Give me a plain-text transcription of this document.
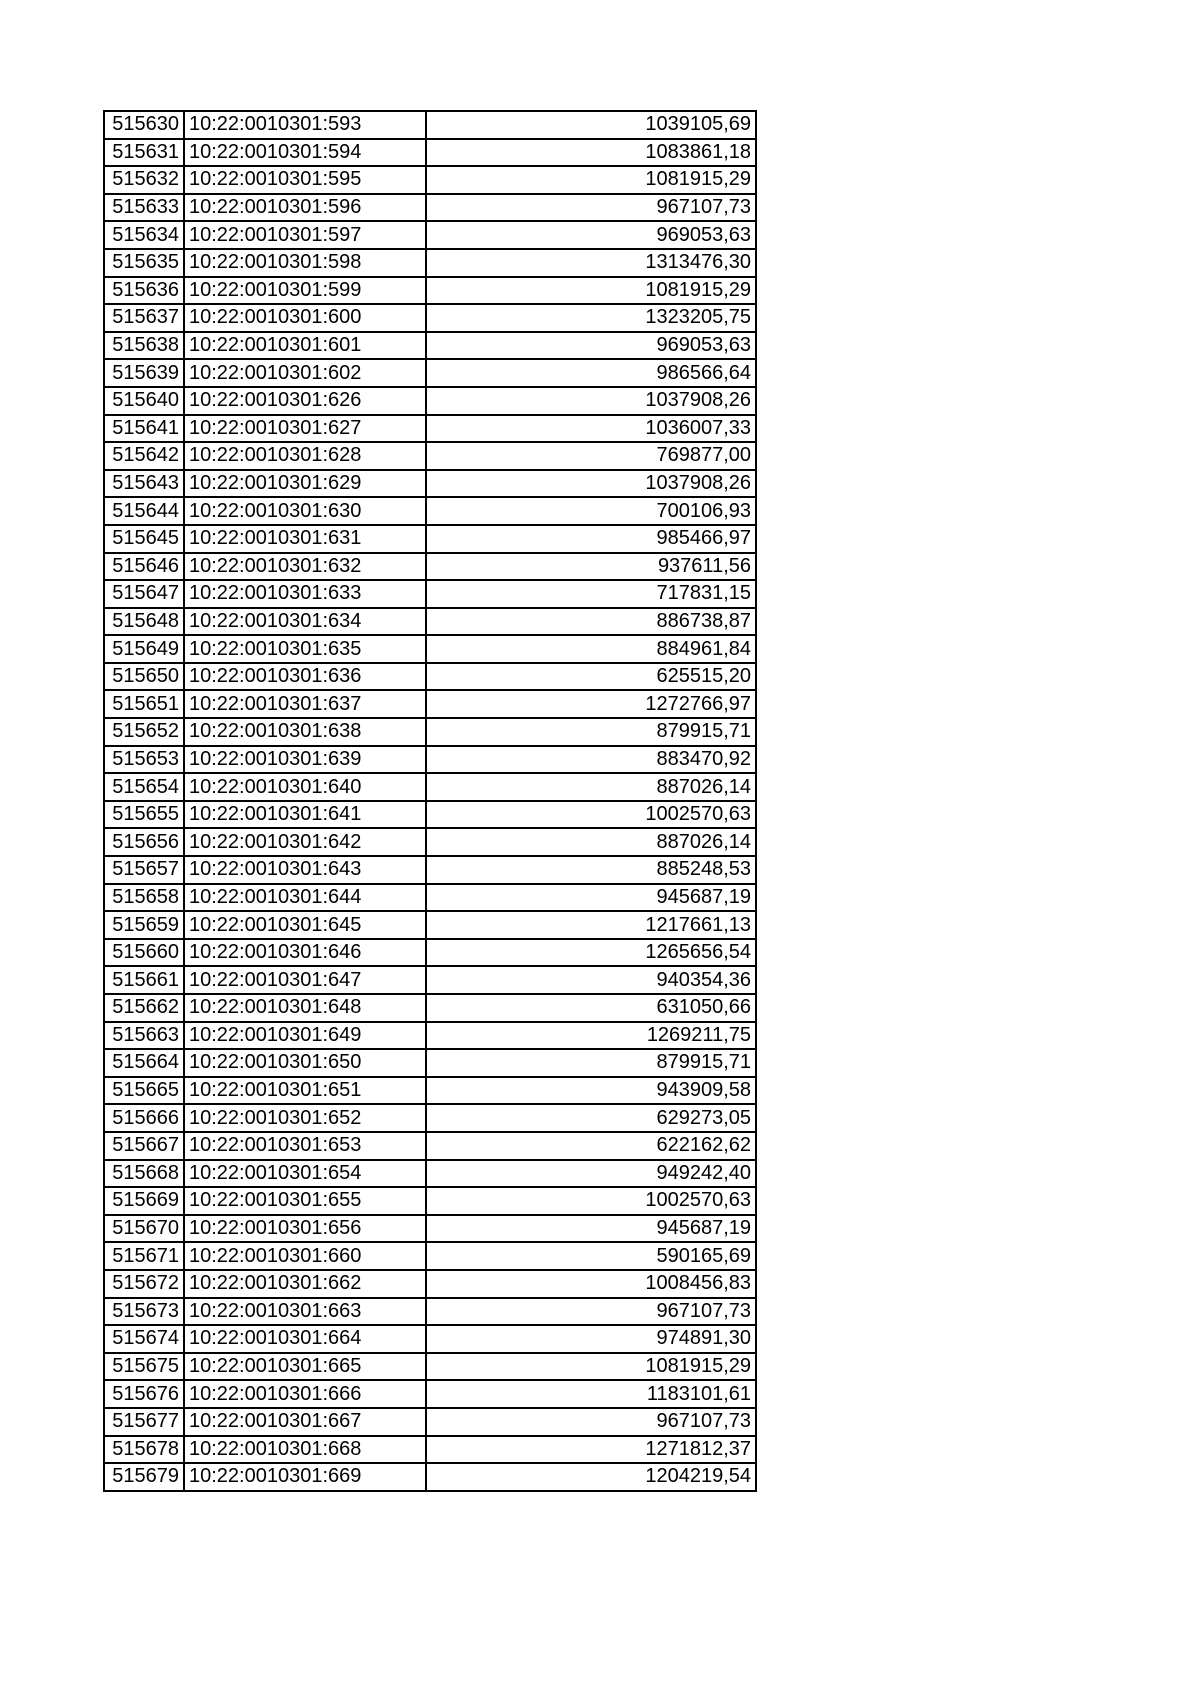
515630	10:22:0010301:593	1039105,69
515631	10:22:0010301:594	1083861,18
515632	10:22:0010301:595	1081915,29
515633	10:22:0010301:596	967107,73
515634	10:22:0010301:597	969053,63
515635	10:22:0010301:598	1313476,30
515636	10:22:0010301:599	1081915,29
515637	10:22:0010301:600	1323205,75
515638	10:22:0010301:601	969053,63
515639	10:22:0010301:602	986566,64
515640	10:22:0010301:626	1037908,26
515641	10:22:0010301:627	1036007,33
515642	10:22:0010301:628	769877,00
515643	10:22:0010301:629	1037908,26
515644	10:22:0010301:630	700106,93
515645	10:22:0010301:631	985466,97
515646	10:22:0010301:632	937611,56
515647	10:22:0010301:633	717831,15
515648	10:22:0010301:634	886738,87
515649	10:22:0010301:635	884961,84
515650	10:22:0010301:636	625515,20
515651	10:22:0010301:637	1272766,97
515652	10:22:0010301:638	879915,71
515653	10:22:0010301:639	883470,92
515654	10:22:0010301:640	887026,14
515655	10:22:0010301:641	1002570,63
515656	10:22:0010301:642	887026,14
515657	10:22:0010301:643	885248,53
515658	10:22:0010301:644	945687,19
515659	10:22:0010301:645	1217661,13
515660	10:22:0010301:646	1265656,54
515661	10:22:0010301:647	940354,36
515662	10:22:0010301:648	631050,66
515663	10:22:0010301:649	1269211,75
515664	10:22:0010301:650	879915,71
515665	10:22:0010301:651	943909,58
515666	10:22:0010301:652	629273,05
515667	10:22:0010301:653	622162,62
515668	10:22:0010301:654	949242,40
515669	10:22:0010301:655	1002570,63
515670	10:22:0010301:656	945687,19
515671	10:22:0010301:660	590165,69
515672	10:22:0010301:662	1008456,83
515673	10:22:0010301:663	967107,73
515674	10:22:0010301:664	974891,30
515675	10:22:0010301:665	1081915,29
515676	10:22:0010301:666	1183101,61
515677	10:22:0010301:667	967107,73
515678	10:22:0010301:668	1271812,37
515679	10:22:0010301:669	1204219,54
